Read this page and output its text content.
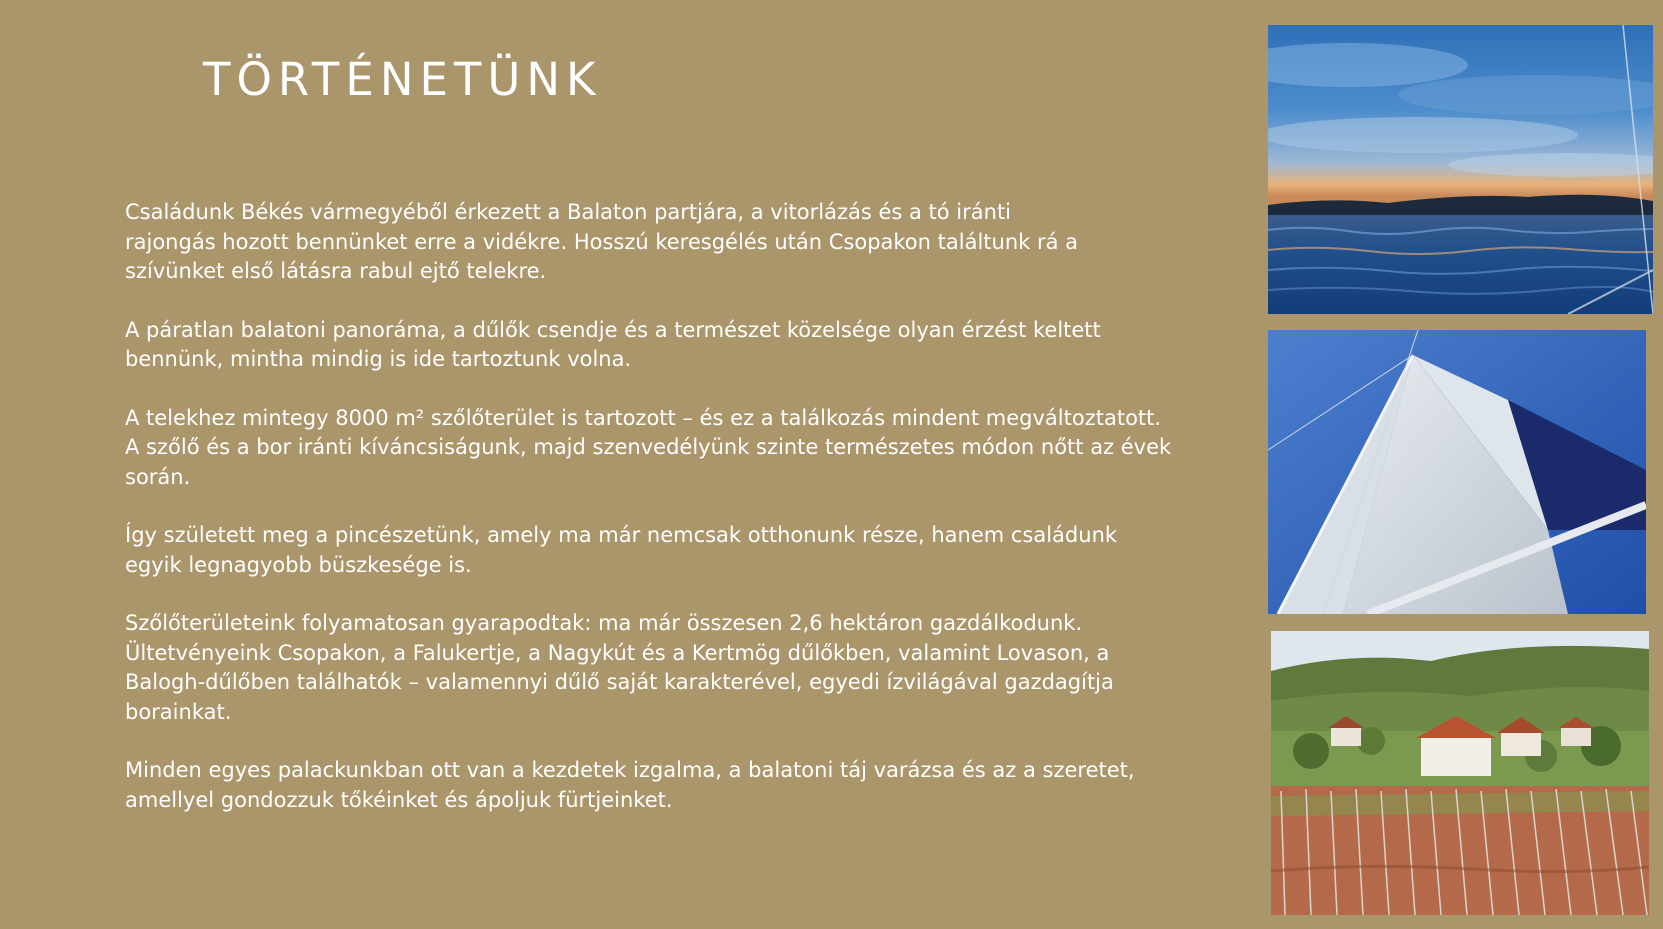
TÖRTÉNETÜNK

Családunk Békés vármegyéből érkezett a Balaton partjára, a vitorlázás és a tó iránti
rajongás hozott bennünket erre a vidékre. Hosszú keresgélés után Csopakon találtunk rá a
szívünket első látásra rabul ejtő telekre.

A páratlan balatoni panoráma, a dűlők csendje és a természet közelsége olyan érzést keltett
bennünk, mintha mindig is ide tartoztunk volna.

A telekhez mintegy 8000 m² szőlőterület is tartozott – és ez a találkozás mindent megváltoztatott.
A szőlő és a bor iránti kíváncsiságunk, majd szenvedélyünk szinte természetes módon nőtt az évek
során.

Így született meg a pincészetünk, amely ma már nemcsak otthonunk része, hanem családunk
egyik legnagyobb büszkesége is.

Szőlőterületeink folyamatosan gyarapodtak: ma már összesen 2,6 hektáron gazdálkodunk.
Ültetvényeink Csopakon, a Falukertje, a Nagykút és a Kertmög dűlőkben, valamint Lovason, a
Balogh-dűlőben találhatók – valamennyi dűlő saját karakterével, egyedi ízvilágával gazdagítja
borainkat.

Minden egyes palackunkban ott van a kezdetek izgalma, a balatoni táj varázsa és az a szeretet,
amellyel gondozzuk tőkéinket és ápoljuk fürtjeinket.
